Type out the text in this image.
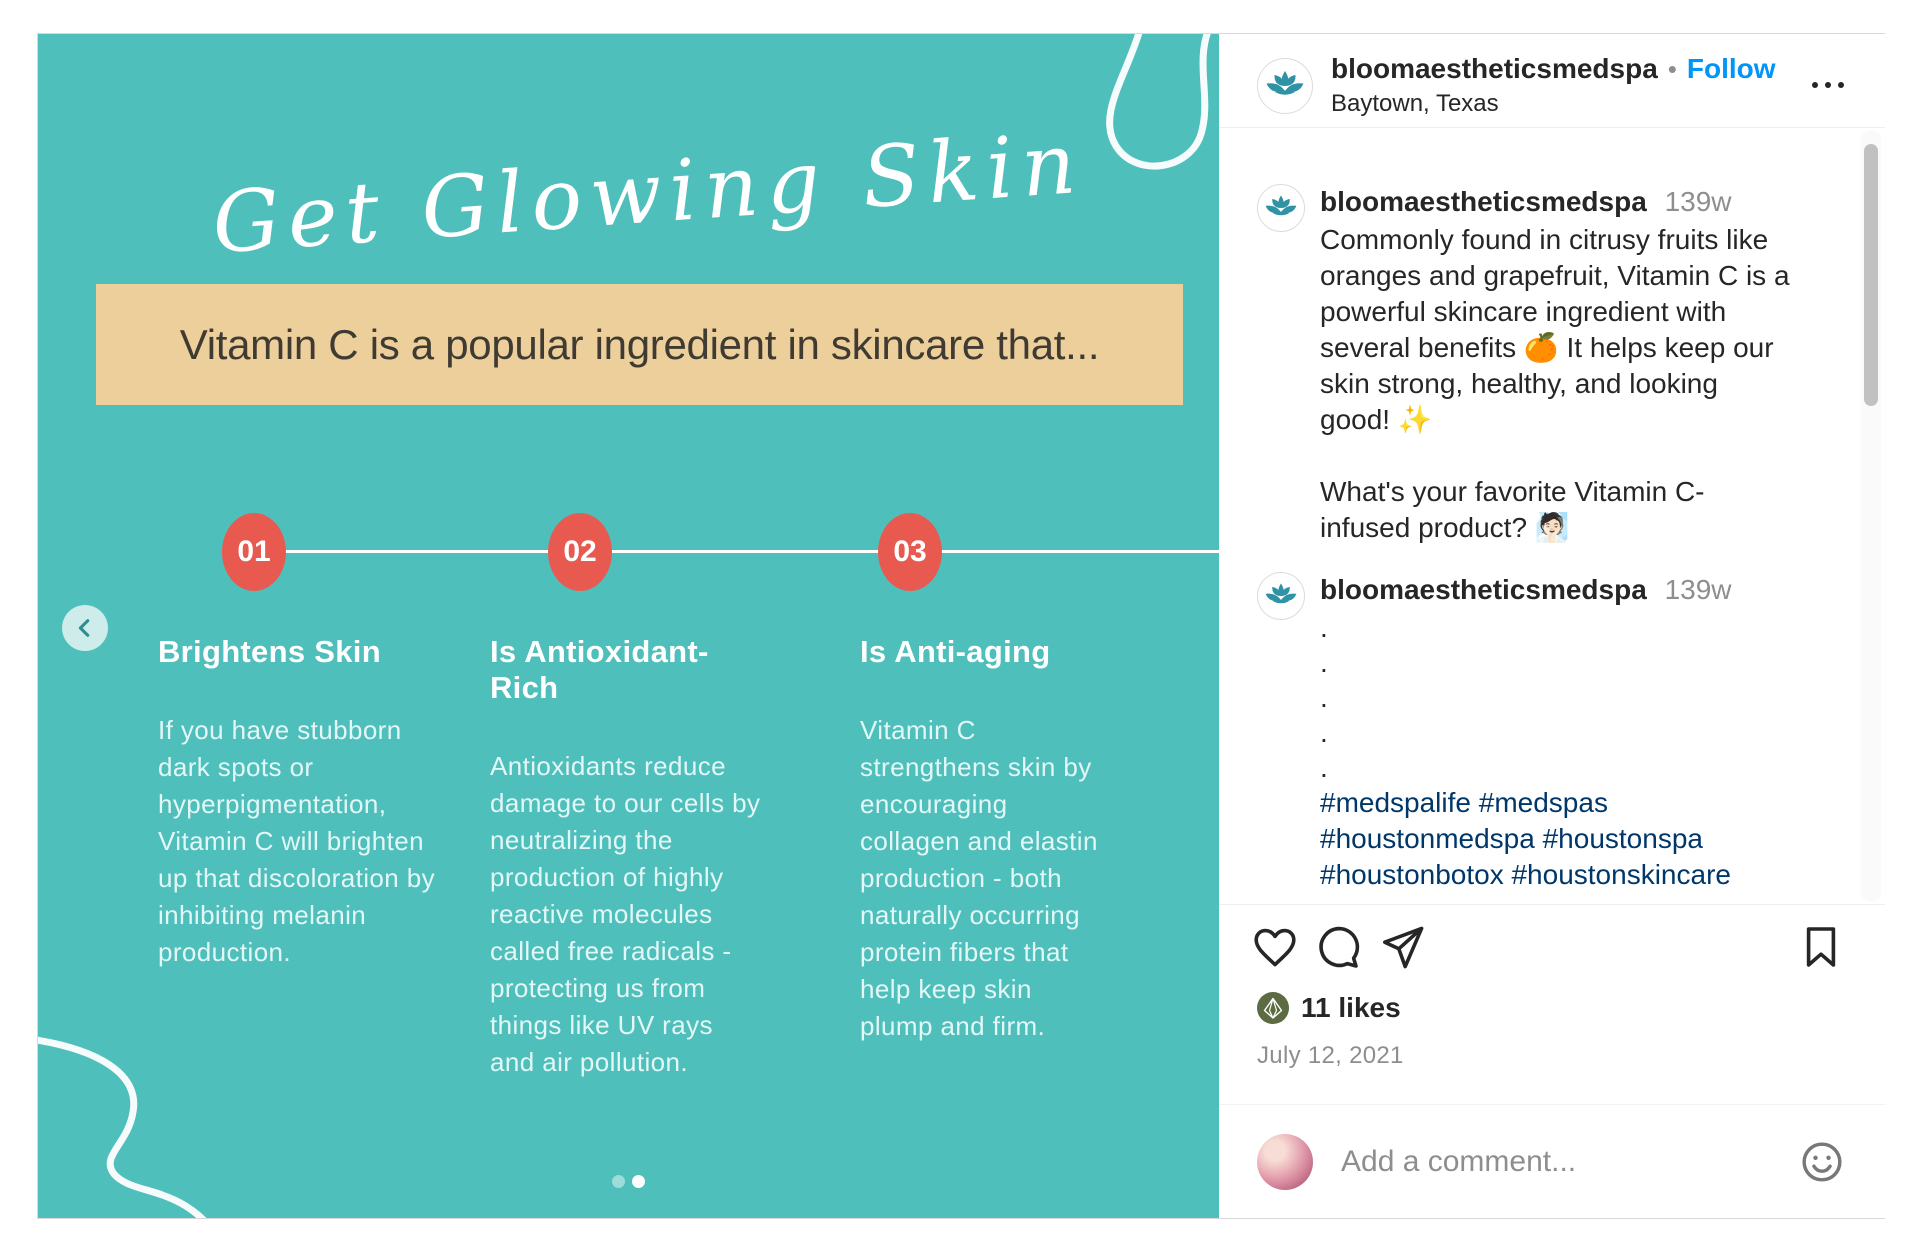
Get Glowing Skin
Vitamin C is a popular ingredient in skincare that...
01	02	03
Brightens Skin
If you have stubborn dark spots or hyperpigmentation, Vitamin C will brighten up that discoloration by inhibiting melanin production.
Is Antioxidant-Rich
Antioxidants reduce damage to our cells by neutralizing the production of highly reactive molecules called free radicals - protecting us from things like UV rays and air pollution.
Is Anti-aging
Vitamin C strengthens skin by encouraging collagen and elastin production - both naturally occurring protein fibers that help keep skin plump and firm.
bloomaestheticsmedspa • Follow
Baytown, Texas
bloomaestheticsmedspa 139w
Commonly found in citrusy fruits like oranges and grapefruit, Vitamin C is a powerful skincare ingredient with several benefits 🍊 It helps keep our skin strong, healthy, and looking good! ✨
What's your favorite Vitamin C-infused product? 🧖🏻
bloomaestheticsmedspa 139w
.
.
.
.
.
#medspalife #medspas #houstonmedspa #houstonspa #houstonbotox #houstonskincare
11 likes
July 12, 2021
Add a comment...
